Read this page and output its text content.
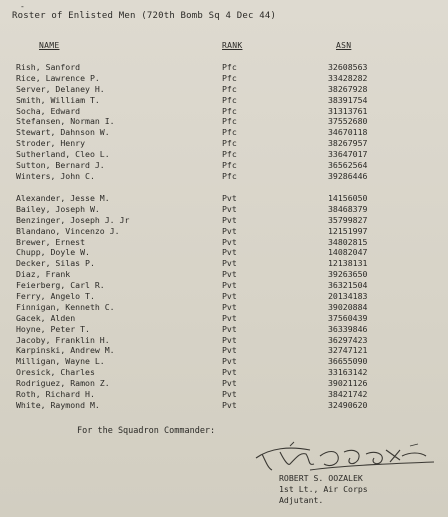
-
Roster of Enlisted Men (720th Bomb Sq 4 Dec 44)
NAME	RANK	ASN
Rish, Sanford	Pfc	32608563
Rice, Lawrence P.	Pfc	33428282
Server, Delaney H.	Pfc	38267928
Smith, William T.	Pfc	38391754
Socha, Edward	Pfc	31313761
Stefansen, Norman I.	Pfc	37552680
Stewart, Dahnson W.	Pfc	34670118
Stroder, Henry	Pfc	38267957
Sutherland, Cleo L.	Pfc	33647017
Sutton, Bernard J.	Pfc	36562564
Winters, John C.	Pfc	39286446
Alexander, Jesse M.	Pvt	14156050
Bailey, Joseph W.	Pvt	38468379
Benzinger, Joseph J. Jr	Pvt	35799827
Blandano, Vincenzo J.	Pvt	12151997
Brewer, Ernest	Pvt	34802815
Chupp, Doyle W.	Pvt	14082047
Decker, Silas P.	Pvt	12138131
Diaz, Frank	Pvt	39263650
Feierberg, Carl R.	Pvt	36321504
Ferry, Angelo T.	Pvt	20134183
Finnigan, Kenneth C.	Pvt	39020884
Gacek, Alden	Pvt	37560439
Hoyne, Peter T.	Pvt	36339846
Jacoby, Franklin H.	Pvt	36297423
Karpinski, Andrew M.	Pvt	32747121
Milligan, Wayne L.	Pvt	36655090
Oresick, Charles	Pvt	33163142
Rodriguez, Ramon Z.	Pvt	39021126
Roth, Richard H.	Pvt	38421742
White, Raymond M.	Pvt	32490620
For the Squadron Commander:
ROBERT S. OOZALEK
1st Lt., Air Corps
Adjutant.
